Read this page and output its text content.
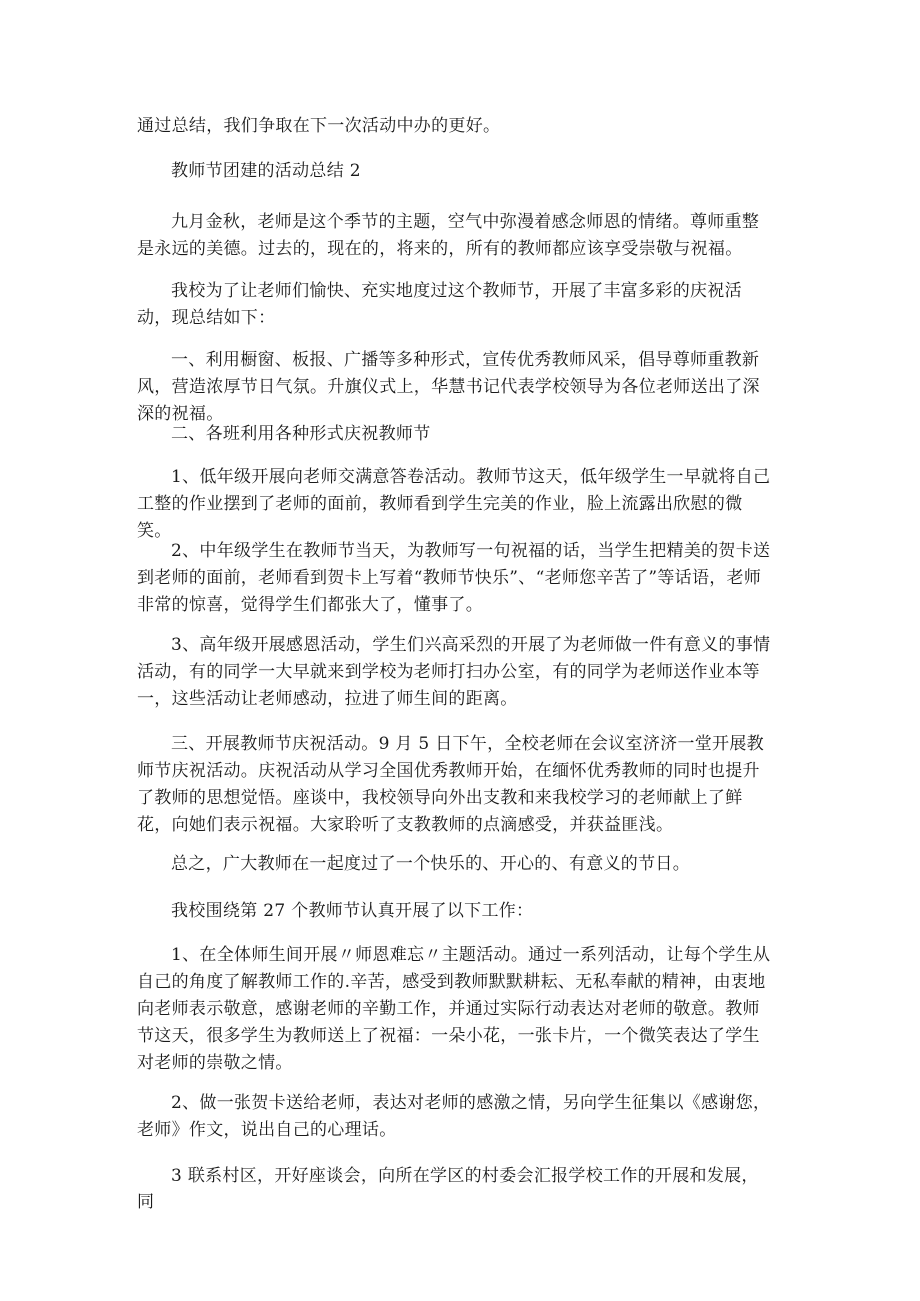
通过总结，我们争取在下一次活动中办的更好。

教师节团建的活动总结 2

九月金秋，老师是这个季节的主题，空气中弥漫着感念师恩的情绪。尊师重整是永远的美德。过去的，现在的，将来的，所有的教师都应该享受崇敬与祝福。

我校为了让老师们愉快、充实地度过这个教师节，开展了丰富多彩的庆祝活动，现总结如下：

一、利用橱窗、板报、广播等多种形式，宣传优秀教师风采，倡导尊师重教新风，营造浓厚节日气氛。升旗仪式上，华慧书记代表学校领导为各位老师送出了深深的祝福。

二、各班利用各种形式庆祝教师节

1、低年级开展向老师交满意答卷活动。教师节这天，低年级学生一早就将自己工整的作业摆到了老师的面前，教师看到学生完美的作业，脸上流露出欣慰的微笑。

2、中年级学生在教师节当天，为教师写一句祝福的话，当学生把精美的贺卡送到老师的面前，老师看到贺卡上写着“教师节快乐”、“老师您辛苦了”等话语，老师非常的惊喜，觉得学生们都张大了，懂事了。

3、高年级开展感恩活动，学生们兴高采烈的开展了为老师做一件有意义的事情活动，有的同学一大早就来到学校为老师打扫办公室，有的同学为老师送作业本等一，这些活动让老师感动，拉进了师生间的距离。

三、开展教师节庆祝活动。9 月 5 日下午，全校老师在会议室济济一堂开展教师节庆祝活动。庆祝活动从学习全国优秀教师开始，在缅怀优秀教师的同时也提升了教师的思想觉悟。座谈中，我校领导向外出支教和来我校学习的老师献上了鲜花，向她们表示祝福。大家聆听了支教教师的点滴感受，并获益匪浅。

总之，广大教师在一起度过了一个快乐的、开心的、有意义的节日。

我校围绕第 27 个教师节认真开展了以下工作：

1、在全体师生间开展〃师恩难忘〃主题活动。通过一系列活动，让每个学生从自己的角度了解教师工作的.辛苦，感受到教师默默耕耘、无私奉献的精神，由衷地向老师表示敬意，感谢老师的辛勤工作，并通过实际行动表达对老师的敬意。教师节这天，很多学生为教师送上了祝福：一朵小花，一张卡片，一个微笑表达了学生对老师的崇敬之情。

2、做一张贺卡送给老师，表达对老师的感激之情，另向学生征集以《感谢您，老师》作文，说出自己的心理话。

3 联系村区，开好座谈会，向所在学区的村委会汇报学校工作的开展和发展，同
